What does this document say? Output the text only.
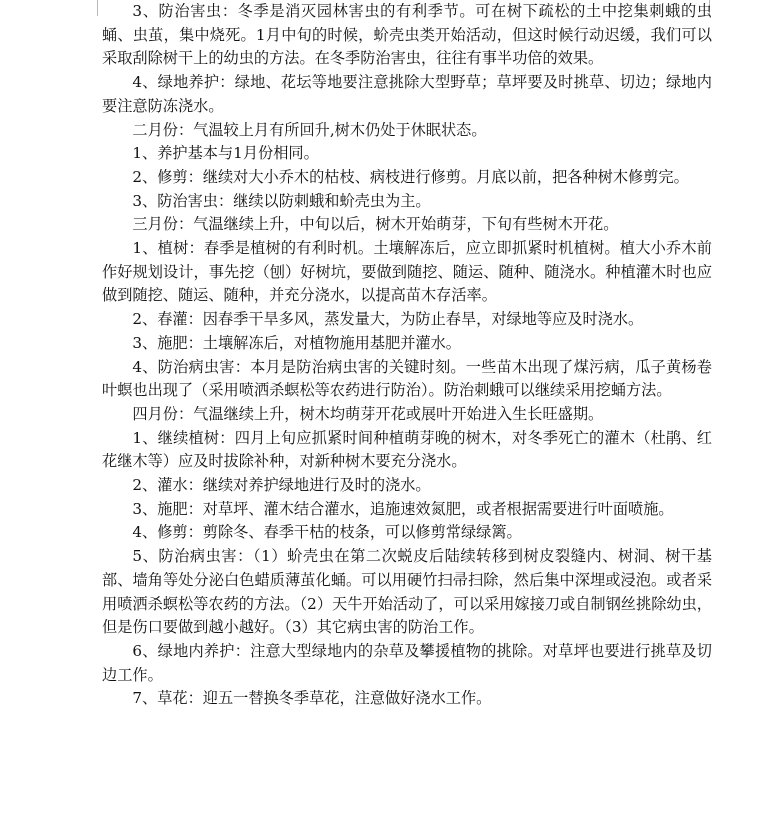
3、防治害虫：冬季是消灭园林害虫的有利季节。可在树下疏松的土中挖集刺蛾的虫蛹、虫茧，集中烧死。1月中旬的时候，蚧壳虫类开始活动，但这时候行动迟缓，我们可以采取刮除树干上的幼虫的方法。在冬季防治害虫，往往有事半功倍的效果。

4、绿地养护：绿地、花坛等地要注意挑除大型野草；草坪要及时挑草、切边；绿地内要注意防冻浇水。

二月份：气温较上月有所回升,树木仍处于休眠状态。

1、养护基本与1月份相同。

2、修剪：继续对大小乔木的枯枝、病枝进行修剪。月底以前，把各种树木修剪完。

3、防治害虫：继续以防刺蛾和蚧壳虫为主。

三月份：气温继续上升，中旬以后，树木开始萌芽，下旬有些树木开花。

1、植树：春季是植树的有利时机。土壤解冻后，应立即抓紧时机植树。植大小乔木前作好规划设计，事先挖（刨）好树坑，要做到随挖、随运、随种、随浇水。种植灌木时也应做到随挖、随运、随种，并充分浇水，以提高苗木存活率。

2、春灌：因春季干旱多风，蒸发量大，为防止春旱，对绿地等应及时浇水。

3、施肥：土壤解冻后，对植物施用基肥并灌水。

4、防治病虫害：本月是防治病虫害的关键时刻。一些苗木出现了煤污病，瓜子黄杨卷叶螟也出现了（采用喷洒杀螟松等农药进行防治）。防治刺蛾可以继续采用挖蛹方法。

四月份：气温继续上升，树木均萌芽开花或展叶开始进入生长旺盛期。

1、继续植树：四月上旬应抓紧时间种植萌芽晚的树木，对冬季死亡的灌木（杜鹃、红花继木等）应及时拔除补种，对新种树木要充分浇水。

2、灌水：继续对养护绿地进行及时的浇水。

3、施肥：对草坪、灌木结合灌水，追施速效氮肥，或者根据需要进行叶面喷施。

4、修剪：剪除冬、春季干枯的枝条，可以修剪常绿绿篱。

5、防治病虫害：（1）蚧壳虫在第二次蜕皮后陆续转移到树皮裂缝内、树洞、树干基部、墙角等处分泌白色蜡质薄茧化蛹。可以用硬竹扫帚扫除，然后集中深埋或浸泡。或者采用喷洒杀螟松等农药的方法。（2）天牛开始活动了，可以采用嫁接刀或自制钢丝挑除幼虫，但是伤口要做到越小越好。（3）其它病虫害的防治工作。

6、绿地内养护：注意大型绿地内的杂草及攀援植物的挑除。对草坪也要进行挑草及切边工作。

7、草花：迎五一替换冬季草花，注意做好浇水工作。
